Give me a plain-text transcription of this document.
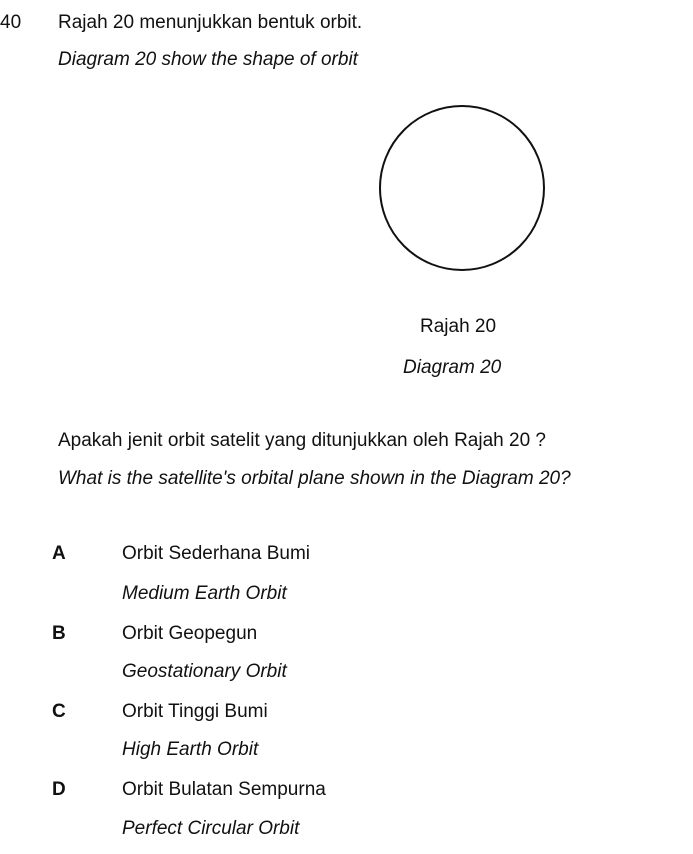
40 Rajah 20 menunjukkan bentuk orbit.
Diagram 20 show the shape of orbit
Rajah 20
Diagram 20
Apakah jenit orbit satelit yang ditunjukkan oleh Rajah 20 ?
What is the satellite's orbital plane shown in the Diagram 20?
A	Orbit Sederhana Bumi
Medium Earth Orbit
B	Orbit Geopegun
Geostationary Orbit
C	Orbit Tinggi Bumi
High Earth Orbit
D	Orbit Bulatan Sempurna
Perfect Circular Orbit
